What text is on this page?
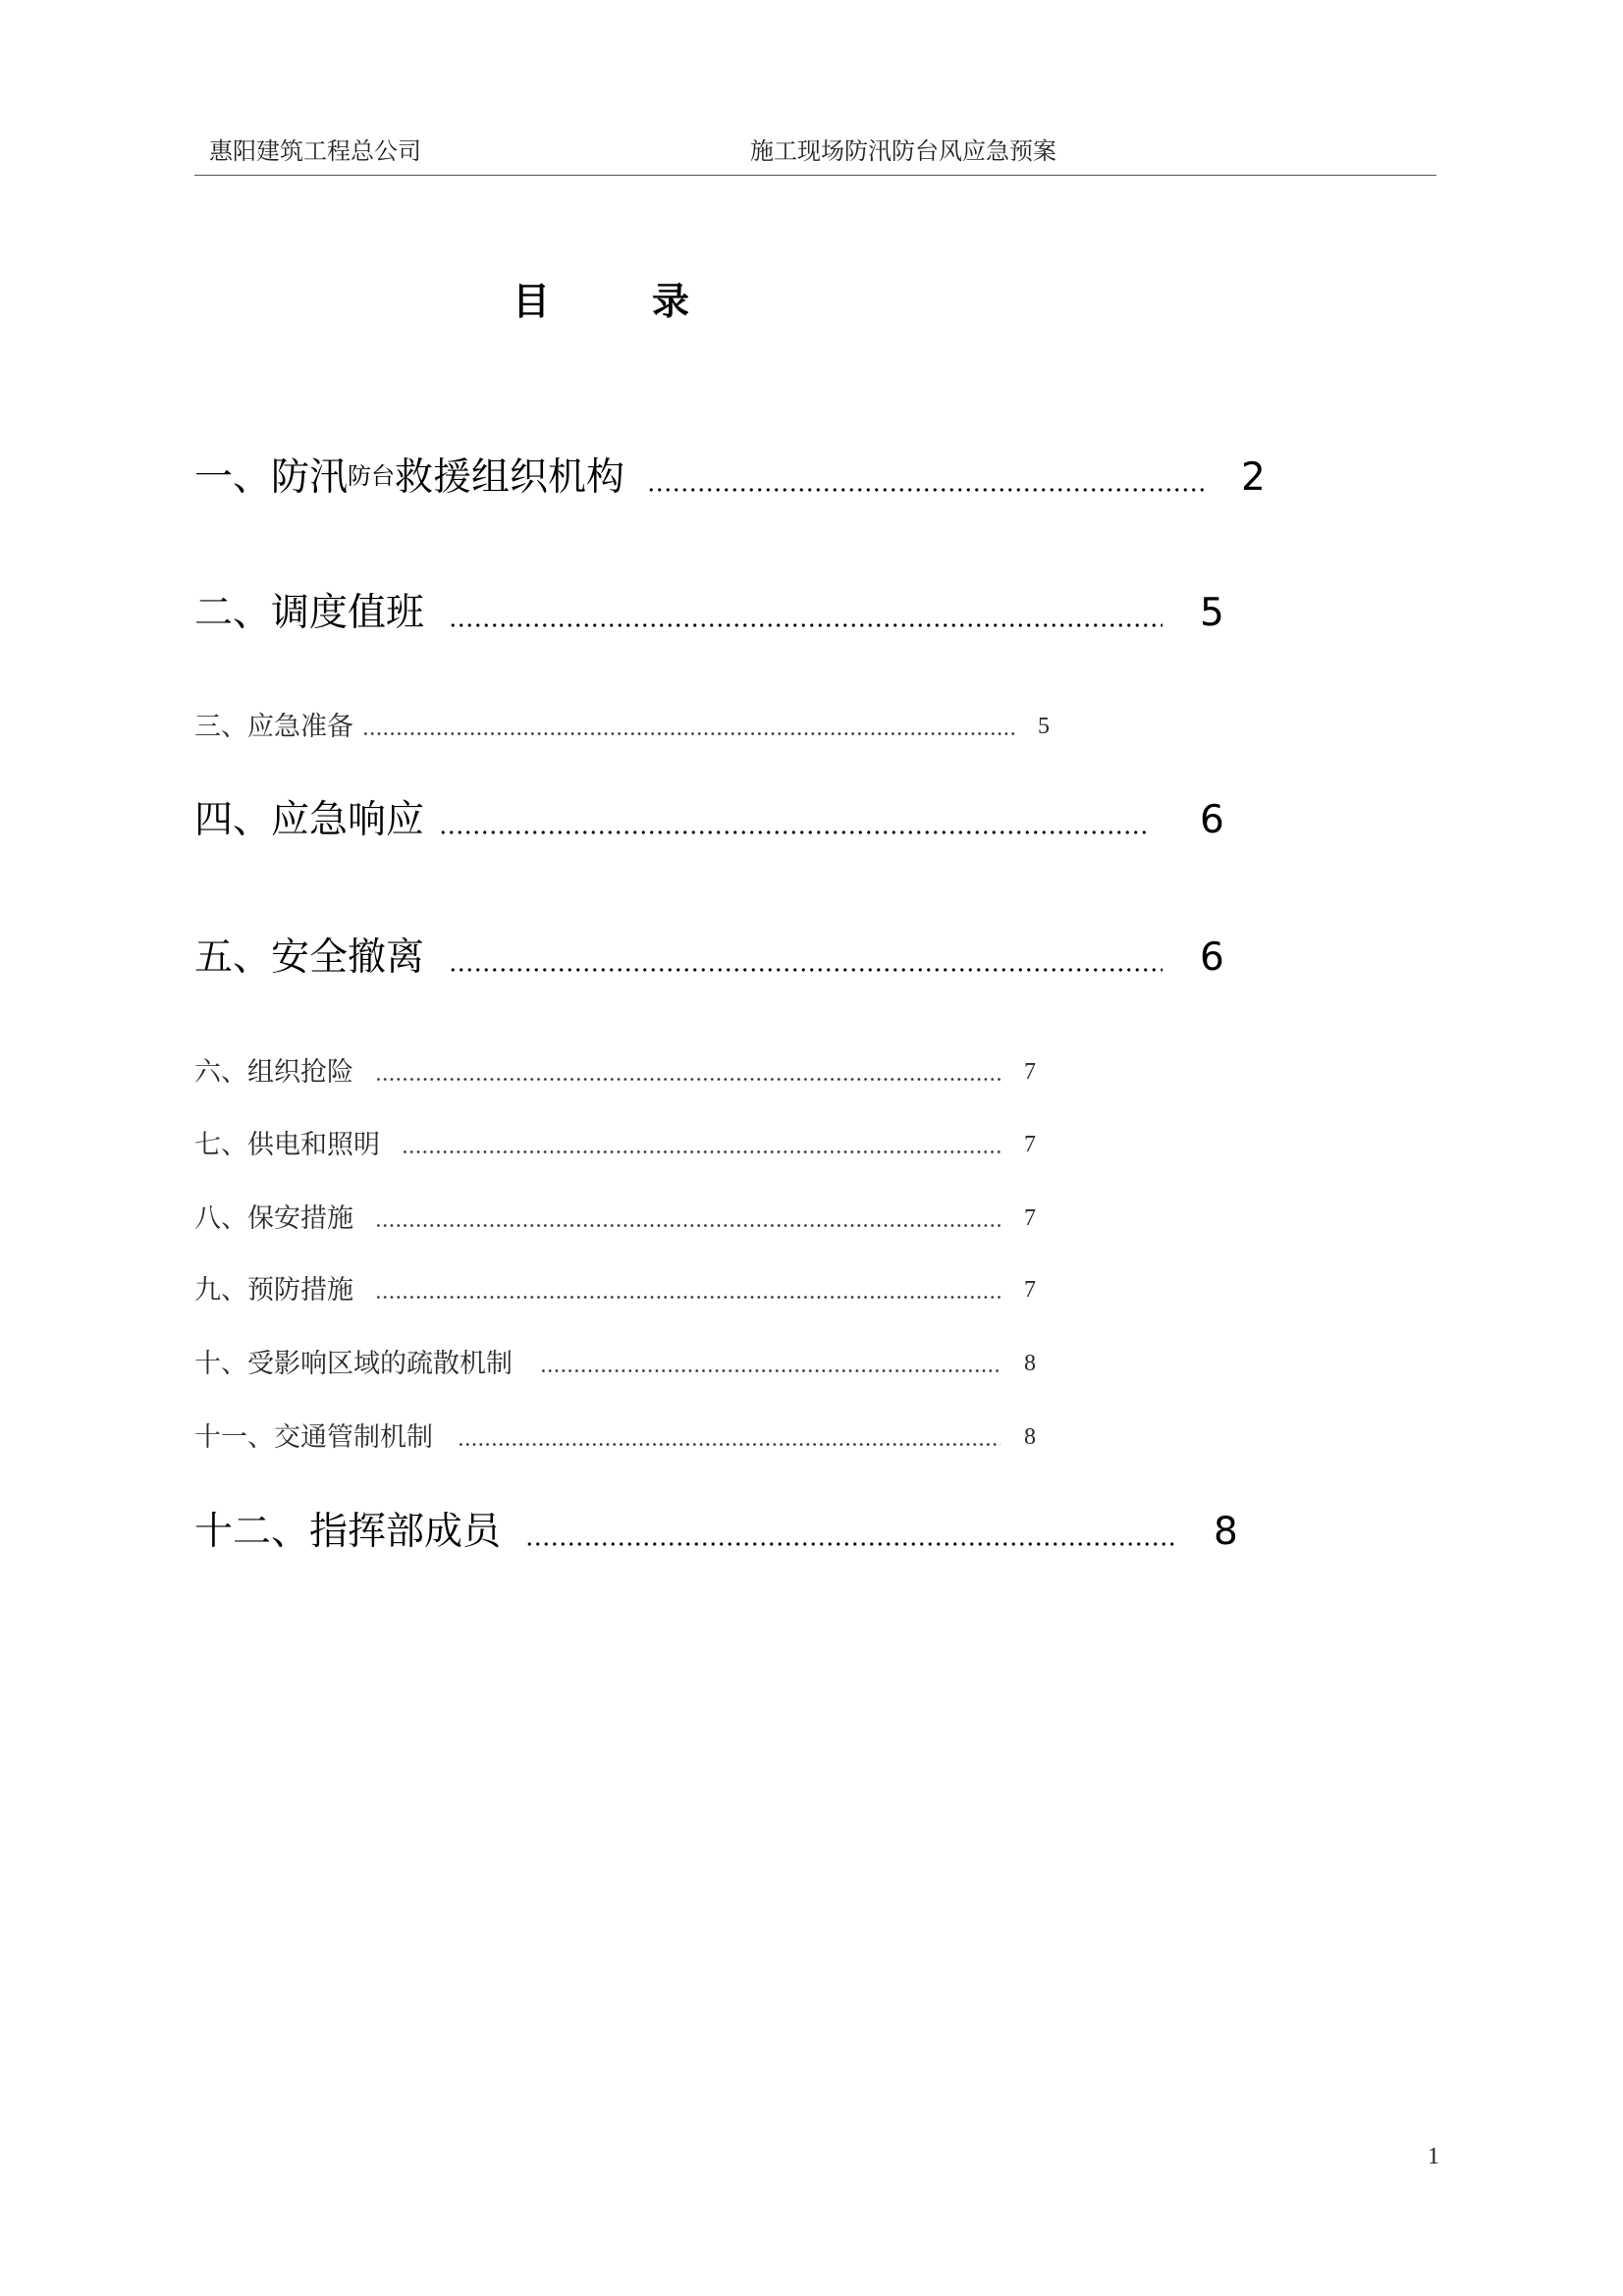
惠阳建筑工程总公司	施工现场防汛防台风应急预案
目	录
一、防汛防台救援组织机构	2
二、调度值班	5
三、应急准备	5
四、应急响应	6
五、安全撤离	6
六、组织抢险	7
七、供电和照明	7
八、保安措施	7
九、预防措施	7
十、受影响区域的疏散机制	8
十一、交通管制机制	8
十二、指挥部成员	8
1
